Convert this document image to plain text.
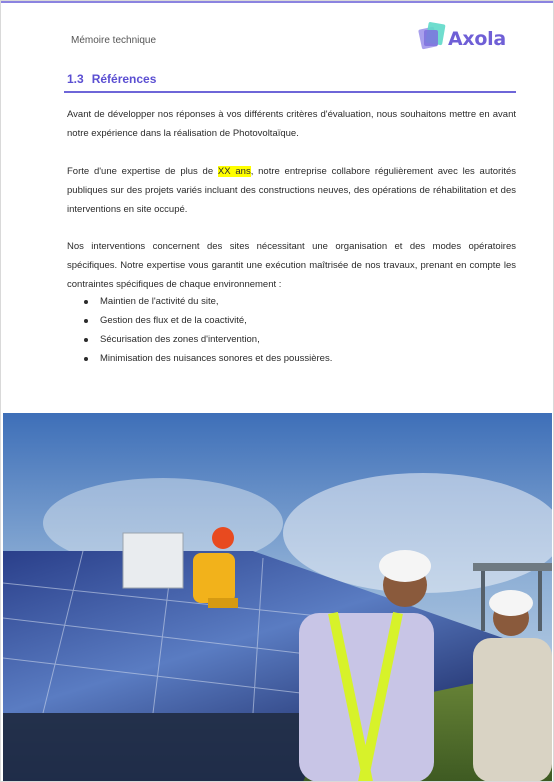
Mémoire technique	Axola
1.3 Références
Avant de développer nos réponses à vos différents critères d'évaluation, nous souhaitons mettre en avant notre expérience dans la réalisation de Photovoltaïque.
Forte d'une expertise de plus de XX ans, notre entreprise collabore régulièrement avec les autorités publiques sur des projets variés incluant des constructions neuves, des opérations de réhabilitation et des interventions en site occupé.
Nos interventions concernent des sites nécessitant une organisation et des modes opératoires spécifiques. Notre expertise vous garantit une exécution maîtrisée de nos travaux, prenant en compte les contraintes spécifiques de chaque environnement :
Maintien de l'activité du site,
Gestion des flux et de la coactivité,
Sécurisation des zones d'intervention,
Minimisation des nuisances sonores et des poussières.
